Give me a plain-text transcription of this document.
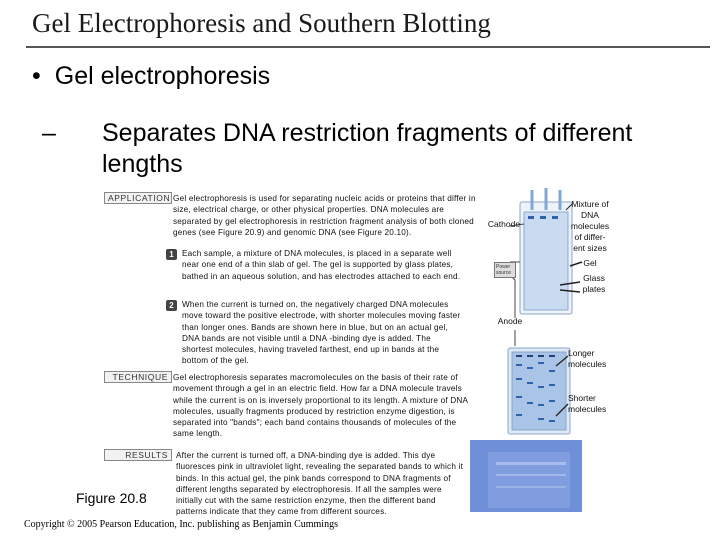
Gel Electrophoresis and Southern Blotting
• Gel electrophoresis
– Separates DNA restriction fragments of different lengths
APPLICATION Gel electrophoresis is used for separating nucleic acids or proteins that differ in size, electrical charge, or other physical properties. DNA molecules are separated by gel electrophoresis in restriction fragment analysis of both cloned genes (see Figure 20.9) and genomic DNA (see Figure 20.10).
1	Each sample, a mixture of DNA molecules, is placed in a separate well near one end of a thin slab of gel. The gel is supported by glass plates, bathed in an aqueous solution, and has electrodes attached to each end.
2	When the current is turned on, the negatively charged DNA molecules move toward the positive electrode, with shorter molecules moving faster than longer ones. Bands are shown here in blue, but on an actual gel, DNA bands are not visible until a DNA -binding dye is added. The shortest molecules, having traveled farthest, end up in bands at the bottom of the gel.
TECHNIQUE Gel electrophoresis separates macromolecules on the basis of their rate of movement through a gel in an electric field. How far a DNA molecule travels while the current is on is inversely proportional to its length. A mixture of DNA molecules, usually fragments produced by restriction enzyme digestion, is separated into "bands"; each band contains thousands of molecules of the same length.
RESULTS After the current is turned off, a DNA-binding dye is added. This dye fluoresces pink in ultraviolet light, revealing the separated bands to which it binds. In this actual gel, the pink bands correspond to DNA fragments of different lengths separated by electrophoresis. If all the samples were initially cut with the same restriction enzyme, then the different band patterns indicate that they came from different sources.
Cathode
Mixture of DNA molecules of differ- ent sizes
Gel
Glass plates
Power source
Anode
Longer molecules
Shorter molecules
Figure 20.8
Copyright © 2005 Pearson Education, Inc. publishing as Benjamin Cummings
